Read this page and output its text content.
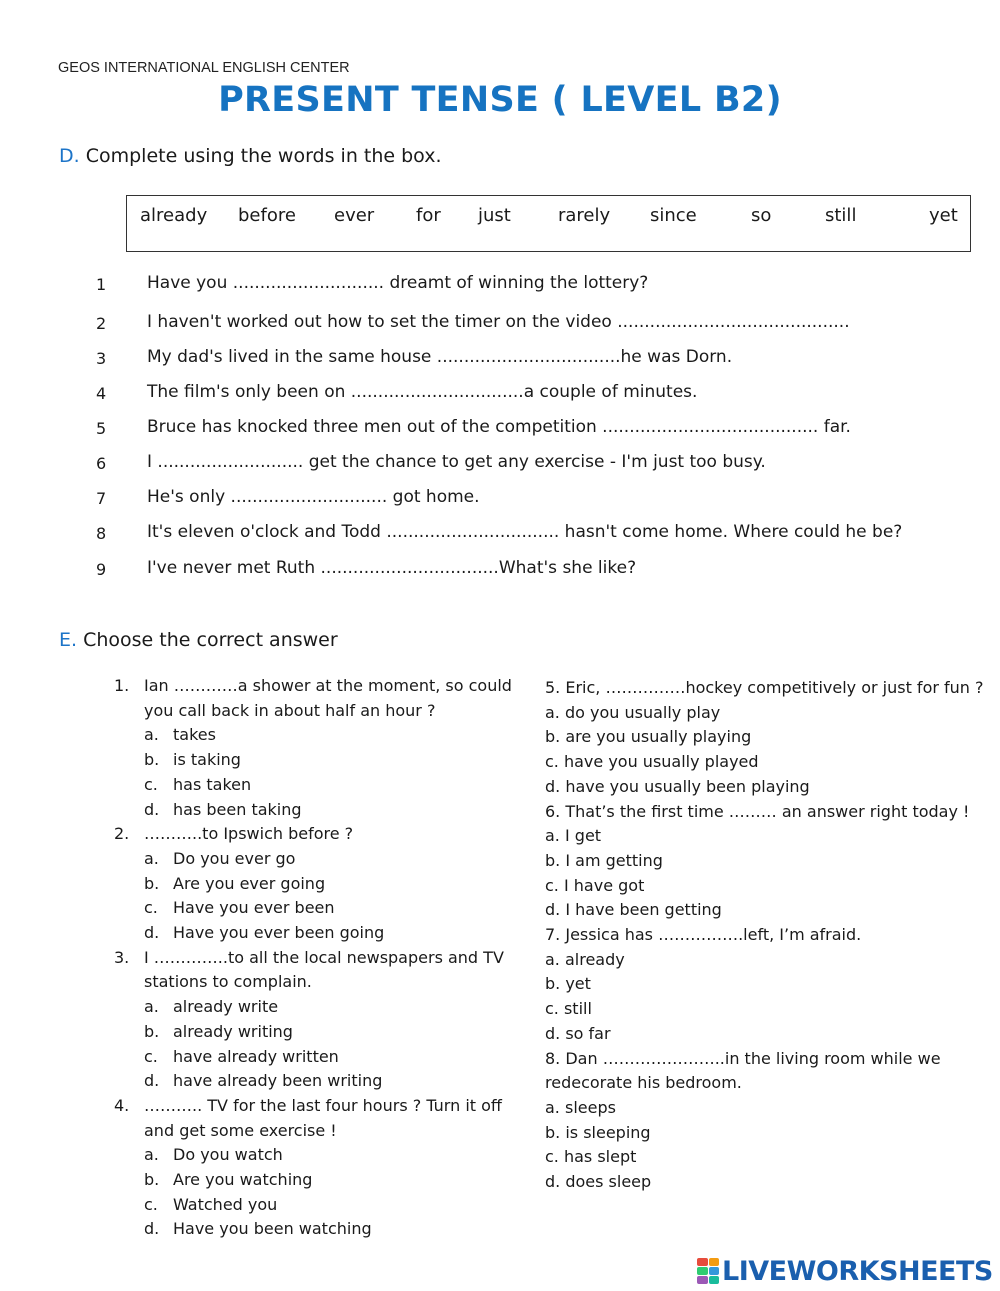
GEOS INTERNATIONAL ENGLISH CENTER
PRESENT TENSE ( LEVEL B2)
D. Complete using the words in the box.
already before ever for just	rarely since	so	still	yet
1 Have you ............................ dreamt of winning the lottery?
2 I haven't worked out how to set the timer on the video ...........................................
3 My dad's lived in the same house ..................................he was Dorn.
4 The film's only been on ................................a couple of minutes.
5 Bruce has knocked three men out of the competition ........................................ far.
6 I ........................... get the chance to get any exercise - I'm just too busy.
7 He's only ............................. got home.
8 It's eleven o'clock and Todd ................................ hasn't come home. Where could he be?
9 I've never met Ruth .................................What's she like?
E. Choose the correct answer
1. Ian …………a shower at the moment, so could
you call back in about half an hour ?
a. takes
b. is taking
c. has taken
d. has been taking
2. ………..to Ipswich before ?
a. Do you ever go
b. Are you ever going
c. Have you ever been
d. Have you ever been going
3. I …………..to all the local newspapers and TV
stations to complain.
a. already write
b. already writing
c. have already written
d. have already been writing
4. ……….. TV for the last four hours ? Turn it off
and get some exercise !
a. Do you watch
b. Are you watching
c. Watched you
d. Have you been watching
5. Eric, ……………hockey competitively or just for fun ?
a. do you usually play
b. are you usually playing
c. have you usually played
d. have you usually been playing
6. That’s the first time ……… an answer right today !
a. I get
b. I am getting
c. I have got
d. I have been getting
7. Jessica has …………….left, I’m afraid.
a. already
b. yet
c. still
d. so far
8. Dan …………………..in the living room while we
redecorate his bedroom.
a. sleeps
b. is sleeping
c. has slept
d. does sleep
LIVEWORKSHEETS
